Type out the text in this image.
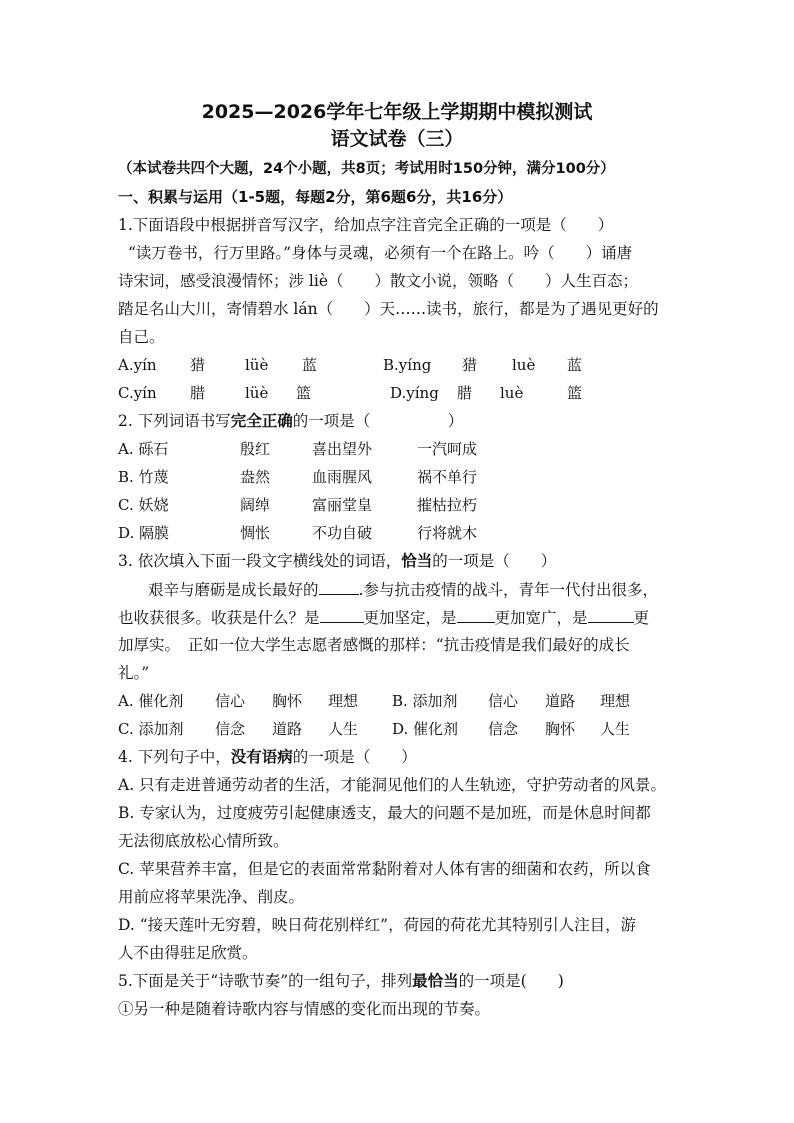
2025—2026学年七年级上学期期中模拟测试
语文试卷（三）
（本试卷共四个大题，24个小题，共8页；考试用时150分钟，满分100分）
一、积累与运用（1-5题，每题2分，第6题6分，共16分）
1.下面语段中根据拼音写汉字，给加点字注音完全正确的一项是（　　）
“读万卷书，行万里路。”身体与灵魂，必须有一个在路上。吟（　　）诵唐
诗宋词，感受浪漫情怀；涉 liè（　　）散文小说，领略（　　）人生百态；
踏足名山大川，寄情碧水 lán（　　）天……读书，旅行，都是为了遇见更好的
自己。
A.yín 猎	lüè 蓝	B.yíng 猎 luè 蓝
C.yín 腊	lüè 篮	D.yíng 腊 luè	篮
2. 下列词语书写完全正确的一项是（　　　　　）
A. 砾石	殷红	喜出望外	一汽呵成
B. 竹蔑	盎然	血雨腥风	祸不单行
C. 妖娆	阔绰	富丽堂皇	摧枯拉朽
D. 隔膜	惆怅	不功自破	行将就木
3. 依次填入下面一段文字横线处的词语，恰当的一项是（　　）
艰辛与磨砺是成长最好的	.参与抗击疫情的战斗，青年一代付出很多，
也收获很多。收获是什么？是	更加坚定，是 更加宽广，是	更
加厚实。　正如一位大学生志愿者感慨的那样：“抗击疫情是我们最好的成长
礼。”
A. 催化剂 信心 胸怀 理想 B. 添加剂 信心 道路 理想
C. 添加剂 信念 道路 人生 D. 催化剂 信念 胸怀 人生
4. 下列句子中，没有语病的一项是（　　）
A. 只有走进普通劳动者的生活，才能洞见他们的人生轨迹，守护劳动者的风景。
B. 专家认为，过度疲劳引起健康透支，最大的问题不是加班，而是休息时间都
无法彻底放松心情所致。
C. 苹果营养丰富，但是它的表面常常黏附着对人体有害的细菌和农药，所以食
用前应将苹果洗净、削皮。
D. “接天莲叶无穷碧，映日荷花别样红”，荷园的荷花尤其特别引人注目，游
人不由得驻足欣赏。
5.下面是关于“诗歌节奏”的一组句子，排列最恰当的一项是(　　)
①另一种是随着诗歌内容与情感的变化而出现的节奏。
